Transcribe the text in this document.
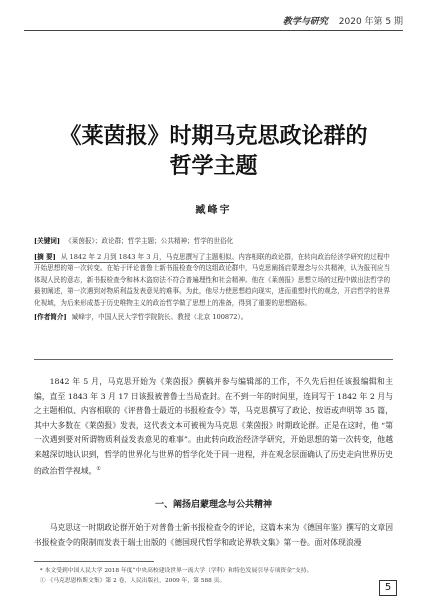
教学与研究 2020 年第 5 期
《莱茵报》时期马克思政论群的
哲学主题
臧峰宇
[关键词] 《莱茵报》；政论群；哲学主题；公共精神；哲学的世俗化
[摘 要] 从 1842 年 2 月到 1843 年 3 月，马克思撰写了主题相似、内容相联的政论群，在转向政治经济学研究的过程中开始思想的第一次转变。在始于评论普鲁士新书报检查令的这组政论群中，马克思阐扬启蒙理念与公共精神，认为报刊应当体现人民的意志，新书报检查令和林木盗窃法不符合普遍理性和社会精神。他在《莱茵报》思想立场的过程中做出法哲学的最初阐述，第一次遇到对物质利益发表意见的难事。为此，他尽力使思想趋向现实，进而重塑时代的观念，开启哲学的世界化视域，为后来形成基于历史唯物主义的政治哲学做了思想上的准备，得到了重要的思想路标。
[作者简介] 臧峰宇，中国人民大学哲学院院长、教授（北京 100872）。
1842 年 5 月，马克思开始为《莱茵报》撰稿并参与编辑部的工作，不久先后担任该报编辑和主编，直至 1843 年 3 月 17 日该报被普鲁士当局查封。在不到一年的时间里，连同写于 1842 年 2 月与之主题相似、内容相联的《评普鲁士最近的书报检查令》等，马克思撰写了政论、按语或声明等 35 篇，其中大多数在《莱茵报》发表，这代表文本可被视为马克思《莱茵报》时期政论群。正是在这时，他 “第一次遇到要对所谓物质利益发表意见的难事”。由此转向政治经济学研究，开始思想的第一次转变，他越来越深切地认识到，哲学的世界化与世界的哲学化处于同一进程，并在观念层面确认了历史走向世界历史的政治哲学视域。①
一、阐扬启蒙理念与公共精神
马克思这一时期政论群开始于对普鲁士新书报检查令的评论，这篇本来为《德国年鉴》撰写的文章因书报检查令的限制而发表于瑞士出版的《德国现代哲学和政论界轶文集》第一卷。面对体现浪漫
* 本文受到中国人民大学 2018 年度“中央高校建设世界一流大学（学科）和特色发展引导专项资金”支持。
① 《马克思恩格斯文集》第 2 卷，人民出版社，2009 年，第 588 页。
5
